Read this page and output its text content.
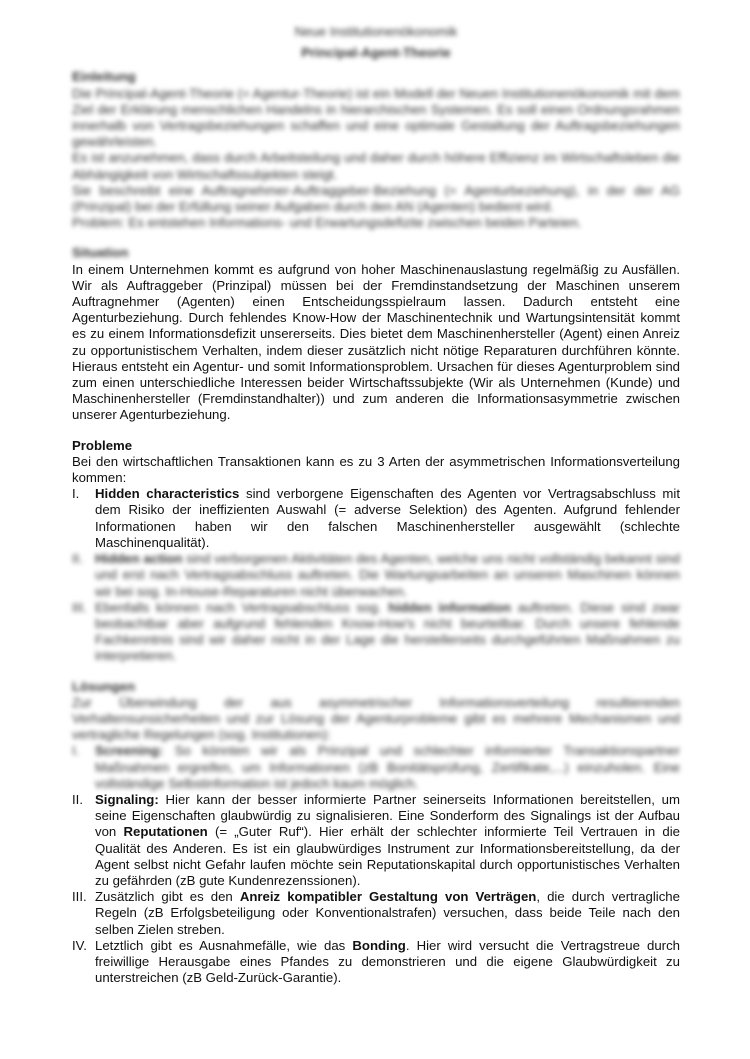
Neue Institutionenökonomik

Principal-Agent-Theorie

Einleitung

Die Principal-Agent-Theorie (= Agentur-Theorie) ist ein Modell der Neuen Institutionenökonomik mit dem Ziel der Erklärung menschlichen Handelns in hierarchischen Systemen. Es soll einen Ordnungsrahmen innerhalb von Vertragsbeziehungen schaffen und eine optimale Gestaltung der Auftragsbeziehungen gewährleisten.

Es ist anzunehmen, dass durch Arbeitsteilung und daher durch höhere Effizienz im Wirtschaftsleben die Abhängigkeit von Wirtschaftssubjekten steigt.

Sie beschreibt eine Auftragnehmer-Auftraggeber-Beziehung (= Agenturbeziehung), in der der AG (Prinzipal) bei der Erfüllung seiner Aufgaben durch den AN (Agenten) bedient wird.

Problem: Es entstehen Informations- und Erwartungsdefizite zwischen beiden Parteien.

Situation

In einem Unternehmen kommt es aufgrund von hoher Maschinenauslastung regelmäßig zu Ausfällen. Wir als Auftraggeber (Prinzipal) müssen bei der Fremdinstandsetzung der Maschinen unserem Auftragnehmer (Agenten) einen Entscheidungsspielraum lassen. Dadurch entsteht eine Agenturbeziehung. Durch fehlendes Know-How der Maschinentechnik und Wartungsintensität kommt es zu einem Informationsdefizit unsererseits. Dies bietet dem Maschinenhersteller (Agent) einen Anreiz zu opportunistischem Verhalten, indem dieser zusätzlich nicht nötige Reparaturen durchführen könnte. Hieraus entsteht ein Agentur- und somit Informationsproblem. Ursachen für dieses Agenturproblem sind zum einen unterschiedliche Interessen beider Wirtschaftssubjekte (Wir als Unternehmen (Kunde) und Maschinenhersteller (Fremdinstandhalter)) und zum anderen die Informationsasymmetrie zwischen unserer Agenturbeziehung.

Probleme

Bei den wirtschaftlichen Transaktionen kann es zu 3 Arten der asymmetrischen Informationsverteilung kommen:

I. Hidden characteristics sind verborgene Eigenschaften des Agenten vor Vertragsabschluss mit dem Risiko der ineffizienten Auswahl (= adverse Selektion) des Agenten. Aufgrund fehlender Informationen haben wir den falschen Maschinenhersteller ausgewählt (schlechte Maschinenqualität).
II. Hidden action sind verborgenen Aktivitäten des Agenten, welche uns nicht vollständig bekannt sind und erst nach Vertragsabschluss auftreten. Die Wartungsarbeiten an unseren Maschinen können wir bei sog. In-House-Reparaturen nicht überwachen.
III. Ebenfalls können nach Vertragsabschluss sog. hidden information auftreten. Diese sind zwar beobachtbar aber aufgrund fehlenden Know-How's nicht beurteilbar. Durch unsere fehlende Fachkenntnis sind wir daher nicht in der Lage die herstellerseits durchgeführten Maßnahmen zu interpretieren.
Lösungen

Zur Überwindung der aus asymmetrischer Informationsverteilung resultierenden Verhaltensunsicherheiten und zur Lösung der Agenturprobleme gibt es mehrere Mechanismen und vertragliche Regelungen (sog. Institutionen):

I. Screening: So könnten wir als Prinzipal und schlechter informierter Transaktionspartner Maßnahmen ergreifen, um Informationen (zB Bonitätsprüfung, Zertifikate,...) einzuholen. Eine vollständige Selbstinformation ist jedoch kaum möglich.
II. Signaling: Hier kann der besser informierte Partner seinerseits Informationen bereitstellen, um seine Eigenschaften glaubwürdig zu signalisieren. Eine Sonderform des Signalings ist der Aufbau von Reputationen (= „Guter Ruf“). Hier erhält der schlechter informierte Teil Vertrauen in die Qualität des Anderen. Es ist ein glaubwürdiges Instrument zur Informationsbereitstellung, da der Agent selbst nicht Gefahr laufen möchte sein Reputationskapital durch opportunistisches Verhalten zu gefährden (zB gute Kundenrezenssionen).
III. Zusätzlich gibt es den Anreiz kompatibler Gestaltung von Verträgen, die durch vertragliche Regeln (zB Erfolgsbeteiligung oder Konventionalstrafen) versuchen, dass beide Teile nach den selben Zielen streben.
IV. Letztlich gibt es Ausnahmefälle, wie das Bonding. Hier wird versucht die Vertragstreue durch freiwillige Herausgabe eines Pfandes zu demonstrieren und die eigene Glaubwürdigkeit zu unterstreichen (zB Geld-Zurück-Garantie).
